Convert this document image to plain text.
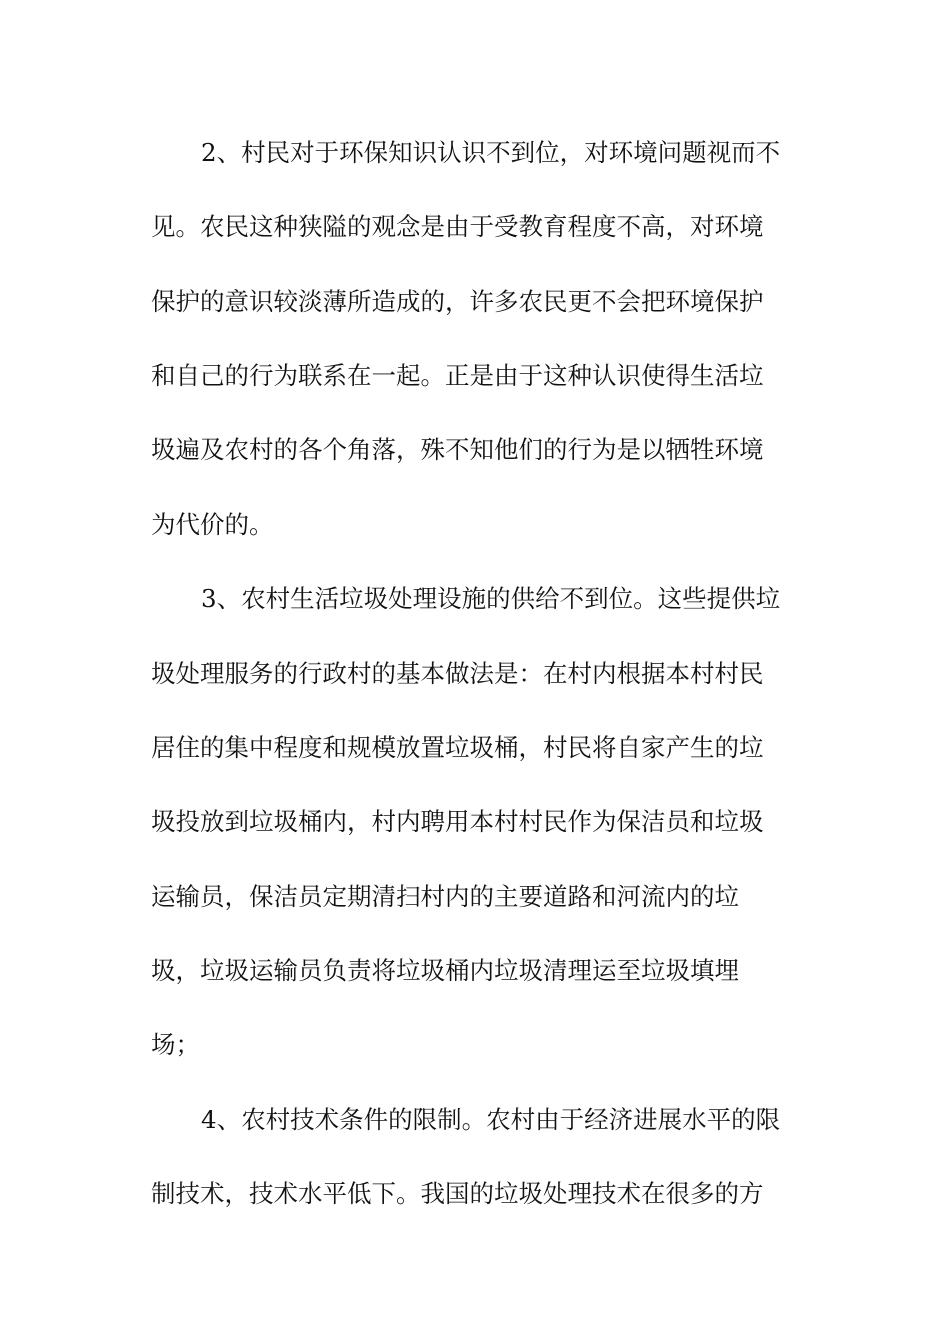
2、村民对于环保知识认识不到位，对环境问题视而不
见。农民这种狭隘的观念是由于受教育程度不高，对环境
保护的意识较淡薄所造成的，许多农民更不会把环境保护
和自己的行为联系在一起。正是由于这种认识使得生活垃
圾遍及农村的各个角落，殊不知他们的行为是以牺牲环境
为代价的。
3、农村生活垃圾处理设施的供给不到位。这些提供垃
圾处理服务的行政村的基本做法是：在村内根据本村村民
居住的集中程度和规模放置垃圾桶，村民将自家产生的垃
圾投放到垃圾桶内，村内聘用本村村民作为保洁员和垃圾
运输员，保洁员定期清扫村内的主要道路和河流内的垃
圾，垃圾运输员负责将垃圾桶内垃圾清理运至垃圾填埋
场；
4、农村技术条件的限制。农村由于经济进展水平的限
制技术，技术水平低下。我国的垃圾处理技术在很多的方
